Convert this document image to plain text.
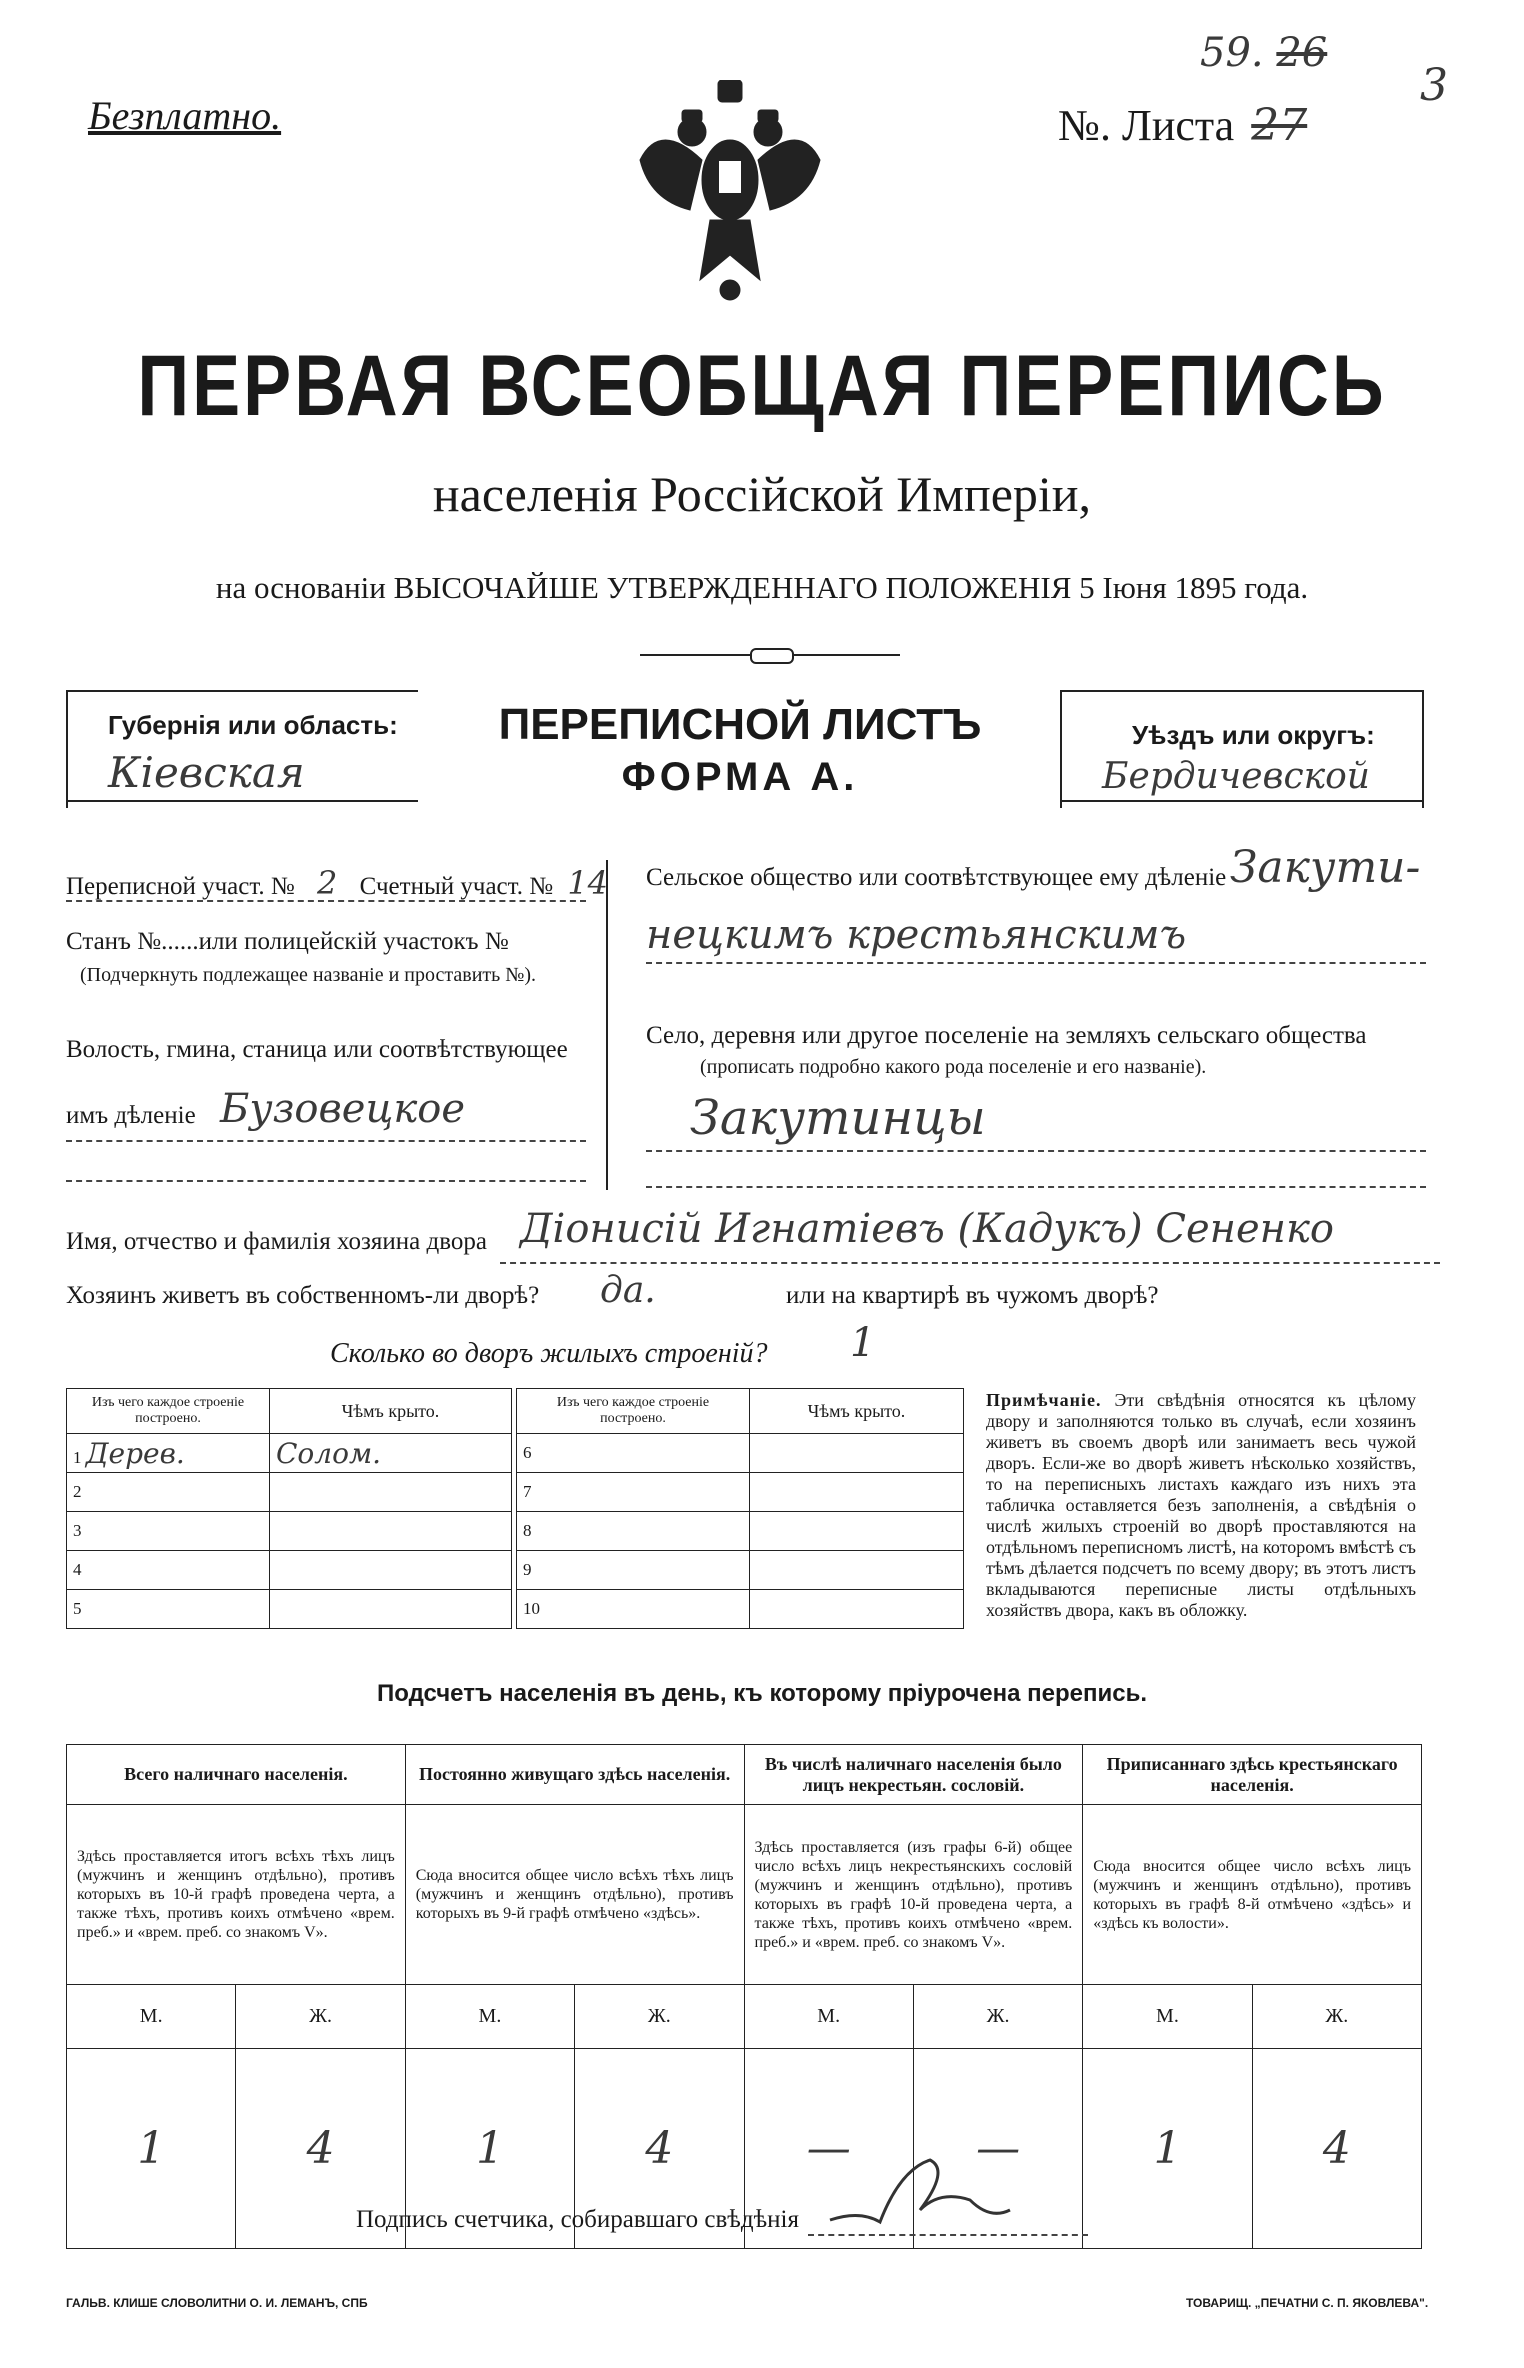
Безплатно.	№. Листа 27
59. 26
3
ПЕРВАЯ ВСЕОБЩАЯ ПЕРЕПИСЬ
населенія Россійской Имперіи,
на основаніи ВЫСОЧАЙШЕ УТВЕРЖДЕННАГО ПОЛОЖЕНІЯ 5 Іюня 1895 года.
Губернія или область:
Кіевская
ПЕРЕПИСНОЙ ЛИСТЪ
ФОРМА А.
Уѣздъ или округъ:
Бердичевской
Переписной участ. № 2 Счетный участ. № 14
Станъ №......или полицейскій участокъ №
(Подчеркнуть подлежащее названіе и проставить №).
Волость, гмина, станица или соотвѣтствующее
имъ дѣленіе Бузовецкое
Сельское общество или соотвѣтствующее ему дѣленіе Закути-
нецкимъ крестьянскимъ
Село, деревня или другое поселеніе на земляхъ сельскаго общества
(прописать подробно какого рода поселеніе и его названіе).
Закутинцы
Имя, отчество и фамилія хозяина двора Діонисій Игнатіевъ (Кадукъ) Сененко
Хозяинъ живетъ въ собственномъ-ли дворѣ? да.	или на квартирѣ въ чужомъ дворѣ?
Сколько во дворъ жилыхъ строеній? 1
Изъ чего каждое строеніе построено.	Чѣмъ крыто.
1 Дерев.	Солом.
2	
3	
4	
5	
Изъ чего каждое строеніе построено.	Чѣмъ крыто.
6	
7	
8	
9	
10	
Примѣчаніе. Эти свѣдѣнія относятся къ цѣлому двору и заполняются только въ случаѣ, если хозяинъ живетъ въ своемъ дворѣ или занимаетъ весь чужой дворъ. Если-же во дворѣ живетъ нѣсколько хозяйствъ, то на переписныхъ листахъ каждаго изъ нихъ эта табличка оставляется безъ заполненія, а свѣдѣнія о числѣ жилыхъ строеній во дворѣ проставляются на отдѣльномъ переписномъ листѣ, на которомъ вмѣстѣ съ тѣмъ дѣлается подсчетъ по всему двору; въ этотъ листъ вкладываются переписные листы отдѣльныхъ хозяйствъ двора, какъ въ обложку.
Подсчетъ населенія въ день, къ которому пріурочена перепись.
Всего наличнаго населенія.		Постоянно живущаго здѣсь населенія.		Въ числѣ наличнаго населенія было лицъ некрестьян. сословій.		Приписаннаго здѣсь крестьянскаго населенія.	
Здѣсь проставляется итогъ всѣхъ тѣхъ лицъ (мужчинъ и женщинъ отдѣльно), противъ которыхъ въ 10-й графѣ проведена черта, а также тѣхъ, противъ коихъ отмѣчено «врем. преб.» и «врем. преб. со знакомъ V».		Сюда вносится общее число всѣхъ тѣхъ лицъ (мужчинъ и женщинъ отдѣльно), противъ которыхъ въ 9-й графѣ отмѣчено «здѣсь».		Здѣсь проставляется (изъ графы 6-й) общее число всѣхъ лицъ некрестьянскихъ сословій (мужчинъ и женщинъ отдѣльно), противъ которыхъ въ графѣ 10-й проведена черта, а также тѣхъ, противъ коихъ отмѣчено «врем. преб.» и «врем. преб. со знакомъ V».		Сюда вносится общее число всѣхъ лицъ (мужчинъ и женщинъ отдѣльно), противъ которыхъ въ графѣ 8-й отмѣчено «здѣсь» и «здѣсь къ волости».	
М.	Ж.	М.	Ж.	М.	Ж.	М.	Ж.
1	4	1	4	—	—	1	4
Подпись счетчика, собиравшаго свѣдѣнія
ГАЛЬВ. КЛИШЕ СЛОВОЛИТНИ О. И. ЛЕМАНЪ, СПБ	ТОВАРИЩ. „ПЕЧАТНИ С. П. ЯКОВЛЕВА".
